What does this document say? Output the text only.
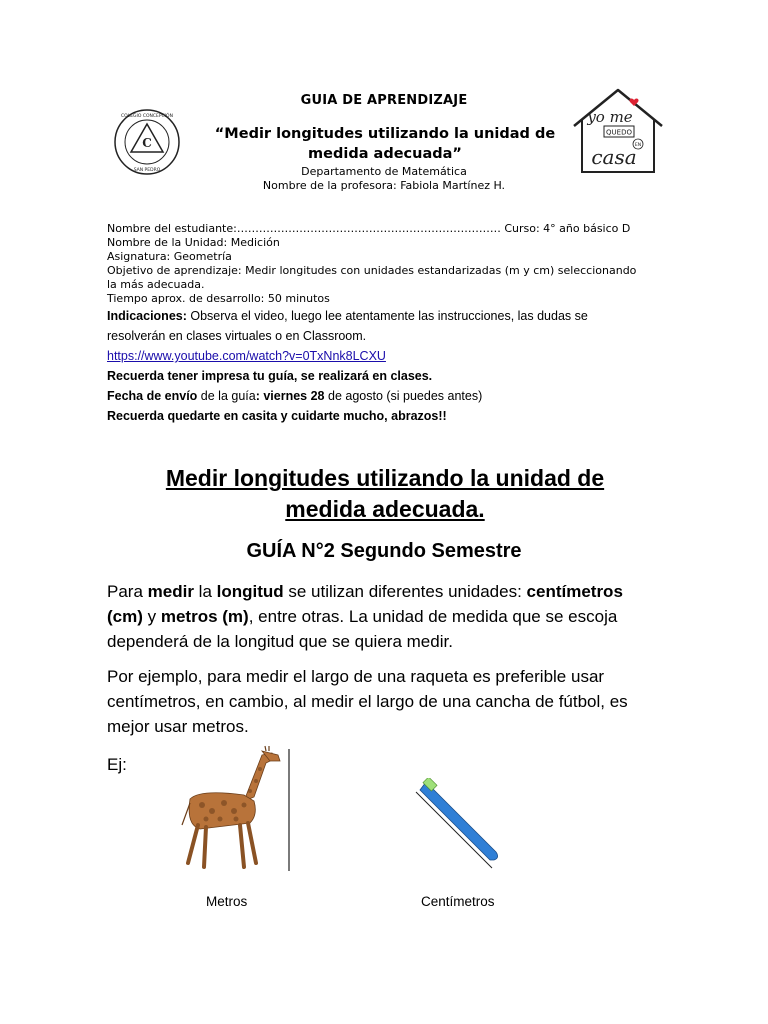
C
COLEGIO CONCEPCIÓN
SAN PEDRO
yo me
QUEDO
EN
casa
GUIA DE APRENDIZAJE
“Medir longitudes utilizando la unidad de
medida adecuada”
Departamento de Matemática
Nombre de la profesora: Fabiola Martínez H.
Nombre del estudiante:……………………………………………………………… Curso: 4° año básico D
Nombre de la Unidad: Medición
Asignatura: Geometría
Objetivo de aprendizaje: Medir longitudes con unidades estandarizadas (m y cm) seleccionando
la más adecuada.
Tiempo aprox. de desarrollo: 50 minutos
Indicaciones: Observa el video, luego lee atentamente las instrucciones, las dudas se
resolverán en clases virtuales o en Classroom.
https://www.youtube.com/watch?v=0TxNnk8LCXU
Recuerda tener impresa tu guía, se realizará en clases.
Fecha de envío de la guía: viernes 28 de agosto (si puedes antes)
Recuerda quedarte en casita y cuidarte mucho, abrazos!!
Medir longitudes utilizando la unidad de
medida adecuada.
GUÍA N°2 Segundo Semestre
Para medir la longitud se utilizan diferentes unidades: centímetros
(cm) y metros (m), entre otras. La unidad de medida que se escoja
dependerá de la longitud que se quiera medir.
Por ejemplo, para medir el largo de una raqueta es preferible usar
centímetros, en cambio, al medir el largo de una cancha de fútbol, es
mejor usar metros.
Ej:
Metros	Centímetros
